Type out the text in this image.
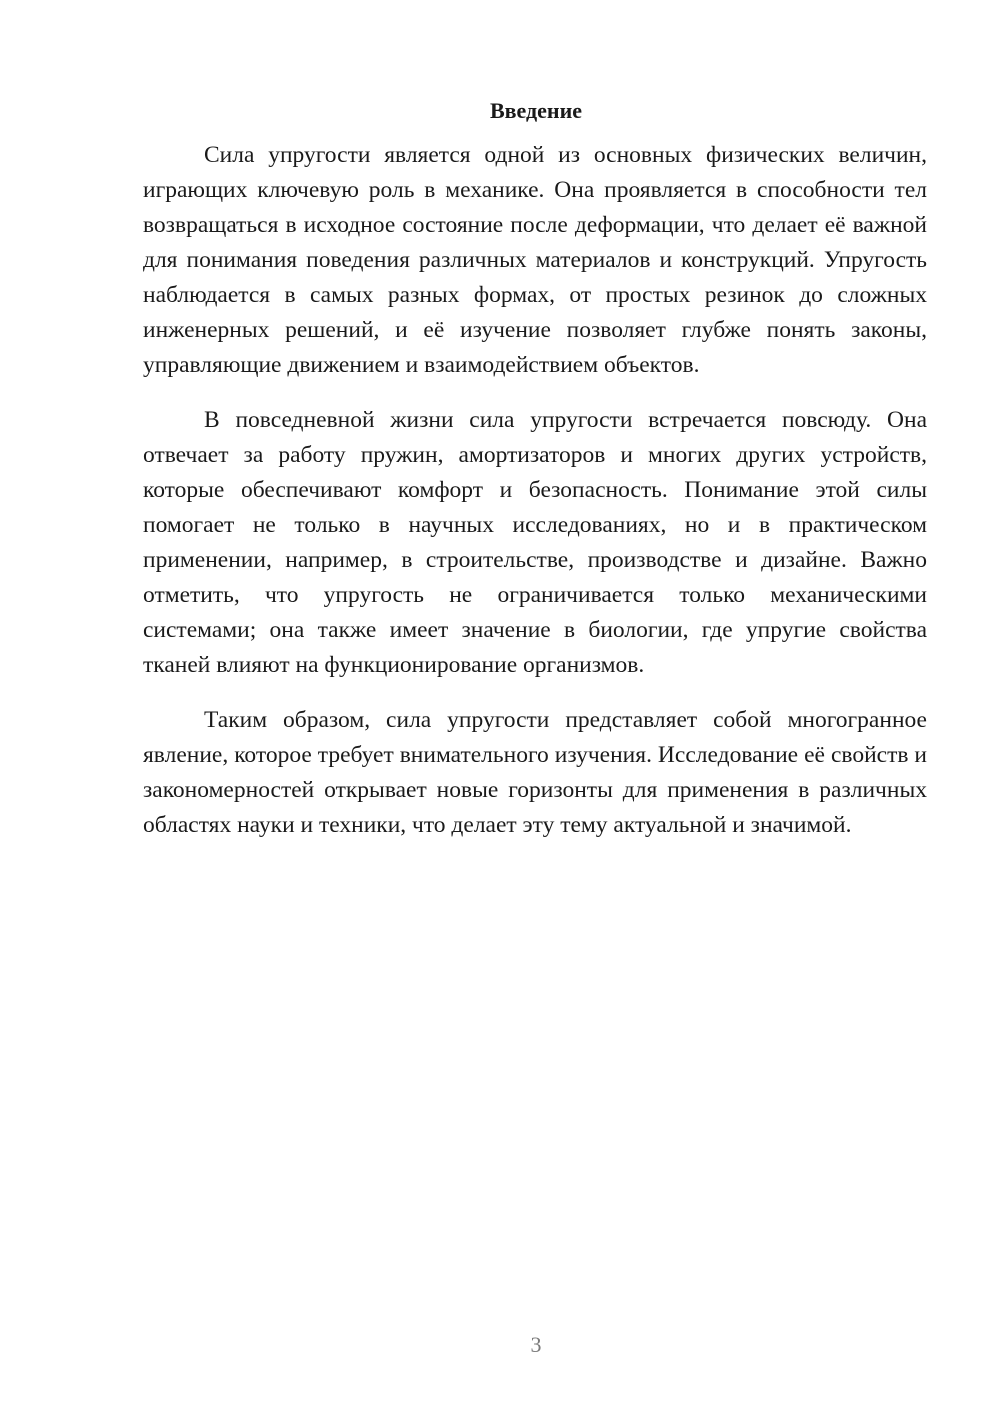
Введение

Сила упругости является одной из основных физических величин, играющих ключевую роль в механике. Она проявляется в способности тел возвращаться в исходное состояние после деформации, что делает её важной для понимания поведения различных материалов и конструкций. Упругость наблюдается в самых разных формах, от простых резинок до сложных инженерных решений, и её изучение позволяет глубже понять законы, управляющие движением и взаимодействием объектов.

В повседневной жизни сила упругости встречается повсюду. Она отвечает за работу пружин, амортизаторов и многих других устройств, которые обеспечивают комфорт и безопасность. Понимание этой силы помогает не только в научных исследованиях, но и в практическом применении, например, в строительстве, производстве и дизайне. Важно отметить, что упругость не ограничивается только механическими системами; она также имеет значение в биологии, где упругие свойства тканей влияют на функционирование организмов.

Таким образом, сила упругости представляет собой многогранное явление, которое требует внимательного изучения. Исследование её свойств и закономерностей открывает новые горизонты для применения в различных областях науки и техники, что делает эту тему актуальной и значимой.

3
